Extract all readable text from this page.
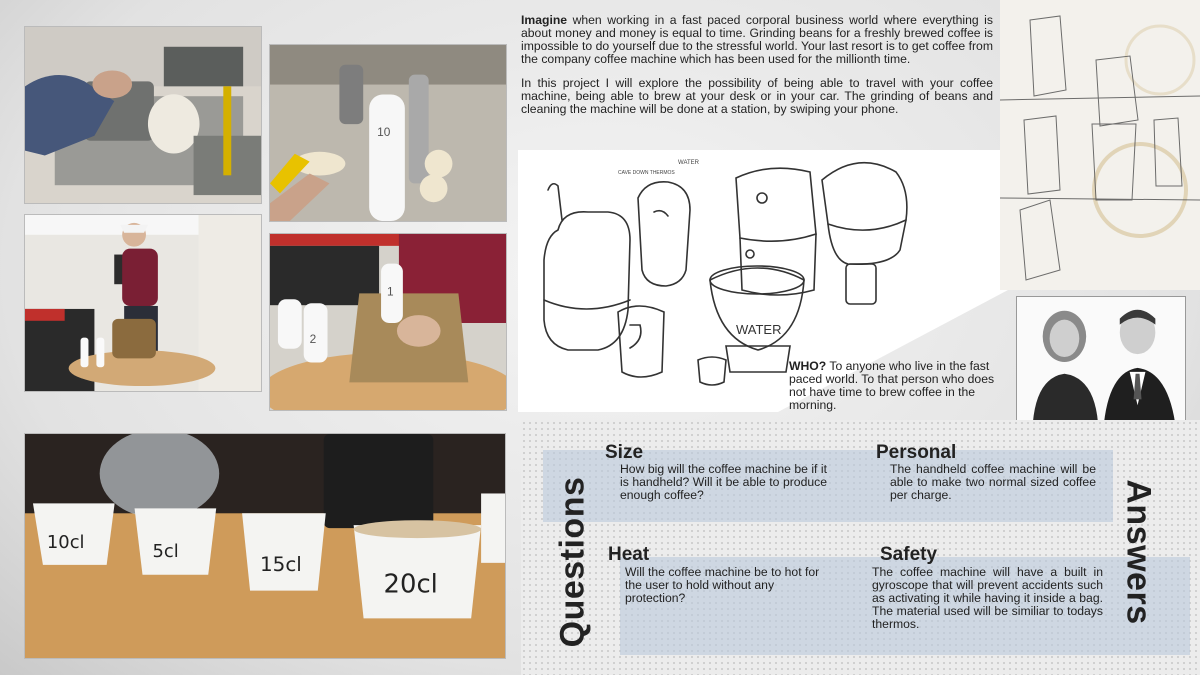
10
1
2
10cl	5cl
15cl
20cl

Imagine when working in a fast paced corporal business world where everything is about money and money is equal to time. Grinding beans for a freshly brewed coffee is impossible to do yourself due to the stressful world. Your last resort is to get coffee from the company coffee machine which has been used for the millionth time.

In this project I will explore the possibility of being able to travel with your coffee machine, being able to brew at your desk or in your car. The grinding of beans and cleaning the machine will be done at a station, by swiping your phone.

WATER
WATER
CAVE DOWN THERMOS
WHO? To anyone who live in the fast paced world. To that person who does not have time to brew coffee in the morning.
Questions	Answers
Size
How big will the coffee machine be if it is handheld? Will it be able to produce enough coffee?
Personal
The handheld coffee machine will be able to make two normal sized coffee per charge.
Heat
Will the coffee machine be to hot for the user to hold without any protection?
Safety
The coffee machine will have a built in gyroscope that will prevent accidents such as activating it while having it inside a bag. The material used will be similiar to todays thermos.
